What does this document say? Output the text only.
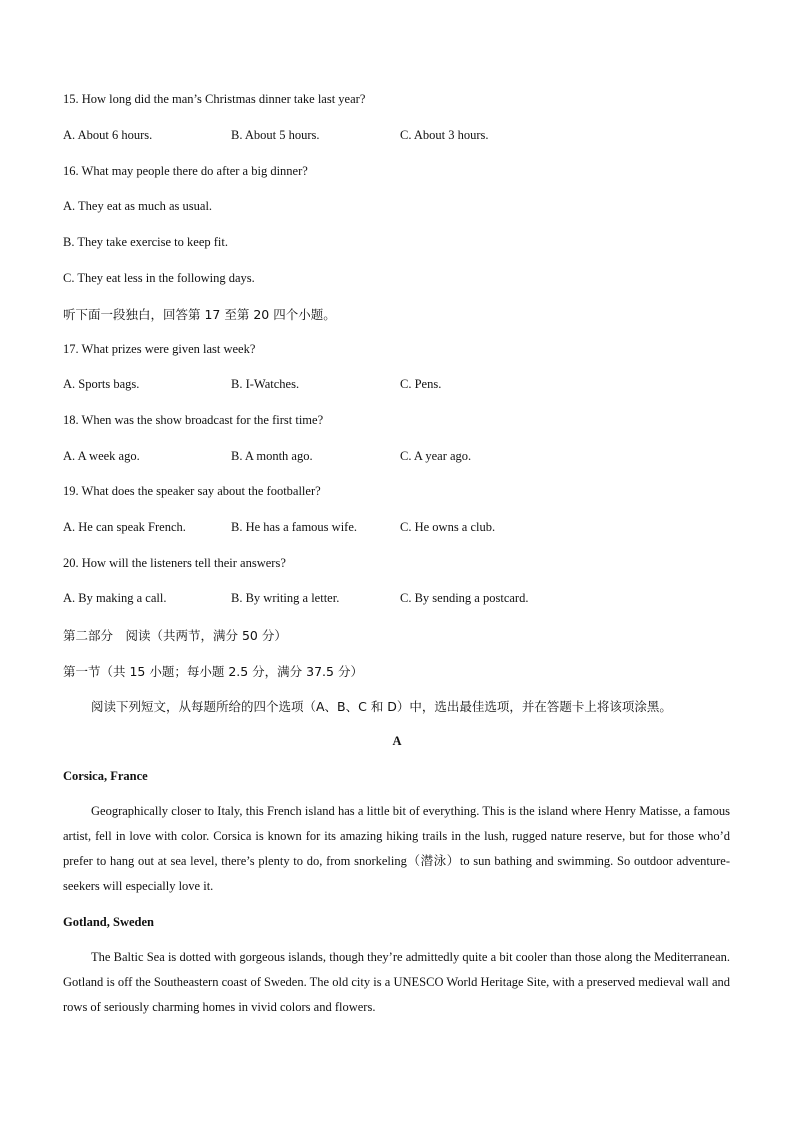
15. How long did the man’s Christmas dinner take last year?
A. About 6 hours.	B. About 5 hours.	C. About 3 hours.
16. What may people there do after a big dinner?
A. They eat as much as usual.
B. They take exercise to keep fit.
C. They eat less in the following days.
听下面一段独白，回答第 17 至第 20 四个小题。
17. What prizes were given last week?
A. Sports bags.	B. I-Watches.	C. Pens.
18. When was the show broadcast for the first time?
A. A week ago.	B. A month ago.	C. A year ago.
19. What does the speaker say about the footballer?
A. He can speak French.	B. He has a famous wife.	C. He owns a club.
20. How will the listeners tell their answers?
A. By making a call.	B. By writing a letter.	C. By sending a postcard.
第二部分　阅读（共两节，满分 50 分）
第一节（共 15 小题；每小题 2.5 分，满分 37.5 分）
阅读下列短文，从每题所给的四个选项（A、B、C 和 D）中，选出最佳选项，并在答题卡上将该项涂黑。
A
Corsica, France
Geographically closer to Italy, this French island has a little bit of everything. This is the island where Henry Matisse, a famous artist, fell in love with color. Corsica is known for its amazing hiking trails in the lush, rugged nature reserve, but for those who’d prefer to hang out at sea level, there’s plenty to do, from snorkeling（潜泳）to sun bathing and swimming. So outdoor adventure-seekers will especially love it.
Gotland, Sweden
The Baltic Sea is dotted with gorgeous islands, though they’re admittedly quite a bit cooler than those along the Mediterranean. Gotland is off the Southeastern coast of Sweden. The old city is a UNESCO World Heritage Site, with a preserved medieval wall and rows of seriously charming homes in vivid colors and flowers.
